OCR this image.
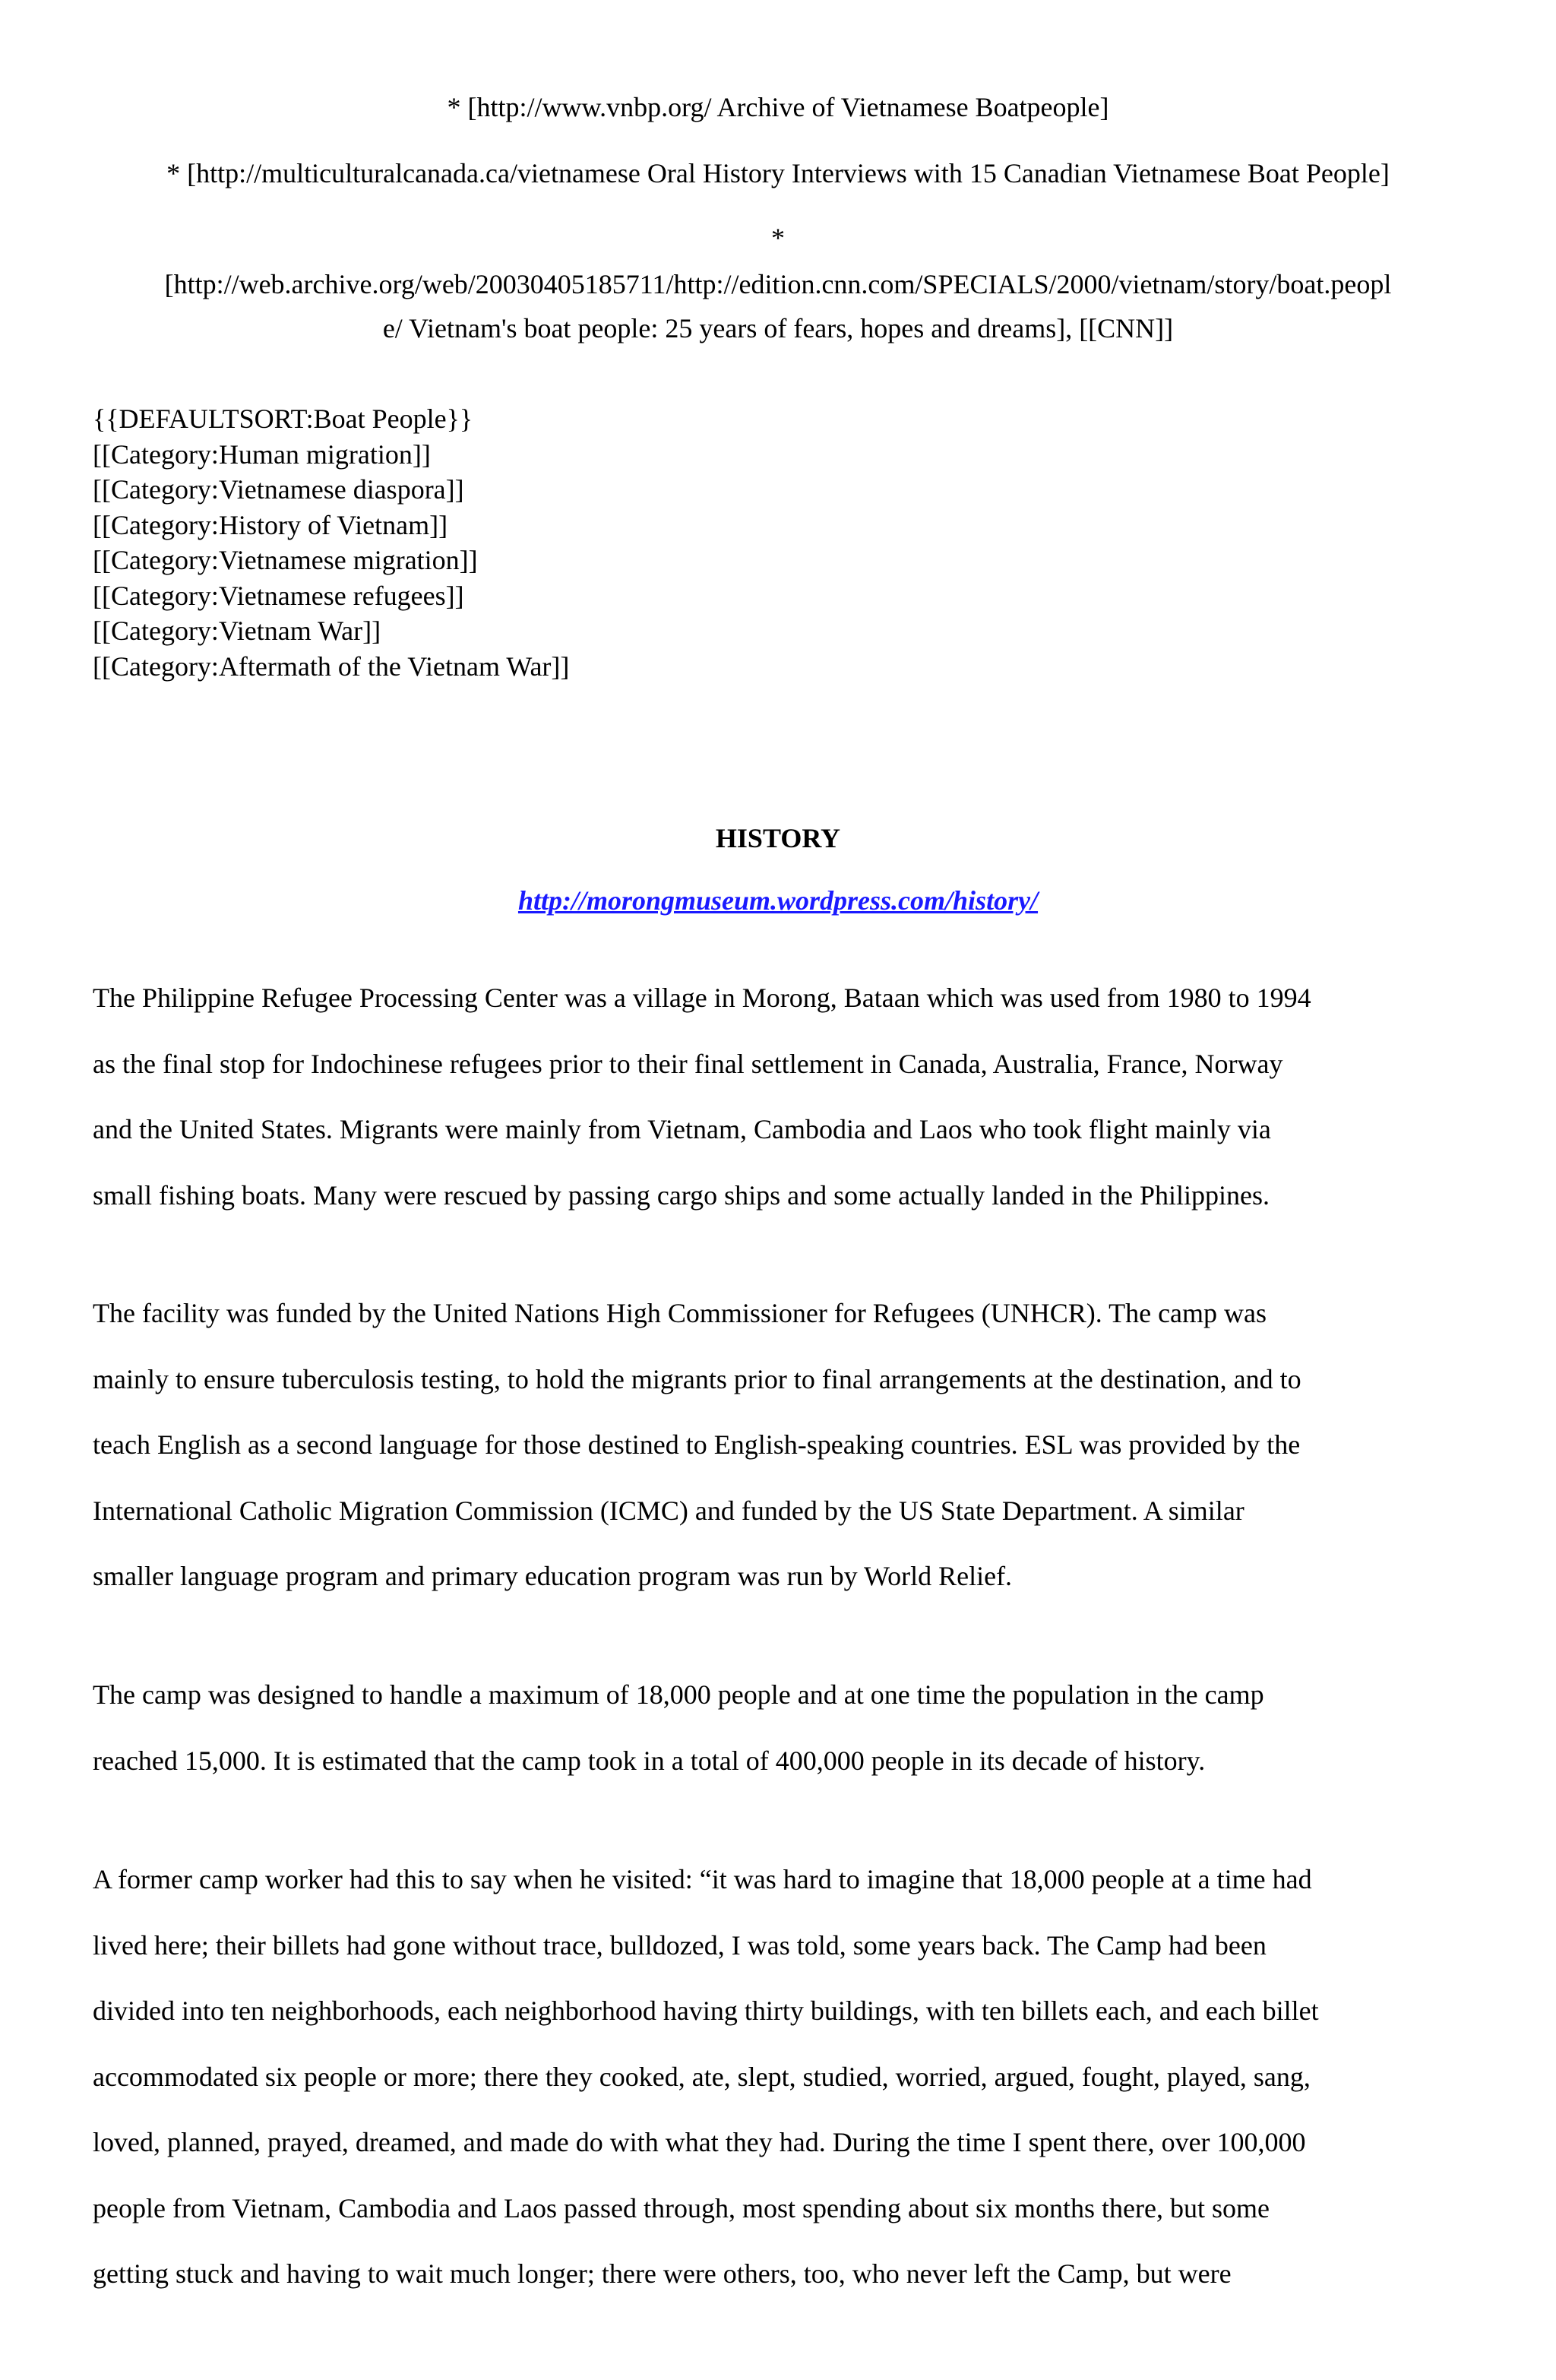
* [http://www.vnbp.org/ Archive of Vietnamese Boatpeople]
* [http://multiculturalcanada.ca/vietnamese Oral History Interviews with 15 Canadian Vietnamese Boat People]
*
[http://web.archive.org/web/20030405185711/http://edition.cnn.com/SPECIALS/2000/vietnam/story/boat.peopl
e/ Vietnam's boat people: 25 years of fears, hopes and dreams], [[CNN]]
{{DEFAULTSORT:Boat People}}
[[Category:Human migration]]
[[Category:Vietnamese diaspora]]
[[Category:History of Vietnam]]
[[Category:Vietnamese migration]]
[[Category:Vietnamese refugees]]
[[Category:Vietnam War]]
[[Category:Aftermath of the Vietnam War]]
HISTORY
http://morongmuseum.wordpress.com/history/
The Philippine Refugee Processing Center was a village in Morong, Bataan which was used from 1980 to 1994
as the final stop for Indochinese refugees prior to their final settlement in Canada, Australia, France, Norway
and the United States. Migrants were mainly from Vietnam, Cambodia and Laos who took flight mainly via
small fishing boats. Many were rescued by passing cargo ships and some actually landed in the Philippines.
The facility was funded by the United Nations High Commissioner for Refugees (UNHCR). The camp was
mainly to ensure tuberculosis testing, to hold the migrants prior to final arrangements at the destination, and to
teach English as a second language for those destined to English-speaking countries. ESL was provided by the
International Catholic Migration Commission (ICMC) and funded by the US State Department. A similar
smaller language program and primary education program was run by World Relief.
The camp was designed to handle a maximum of 18,000 people and at one time the population in the camp
reached 15,000. It is estimated that the camp took in a total of 400,000 people in its decade of history.
A former camp worker had this to say when he visited: “it was hard to imagine that 18,000 people at a time had
lived here; their billets had gone without trace, bulldozed, I was told, some years back. The Camp had been
divided into ten neighborhoods, each neighborhood having thirty buildings, with ten billets each, and each billet
accommodated six people or more; there they cooked, ate, slept, studied, worried, argued, fought, played, sang,
loved, planned, prayed, dreamed, and made do with what they had. During the time I spent there, over 100,000
people from Vietnam, Cambodia and Laos passed through, most spending about six months there, but some
getting stuck and having to wait much longer; there were others, too, who never left the Camp, but were
